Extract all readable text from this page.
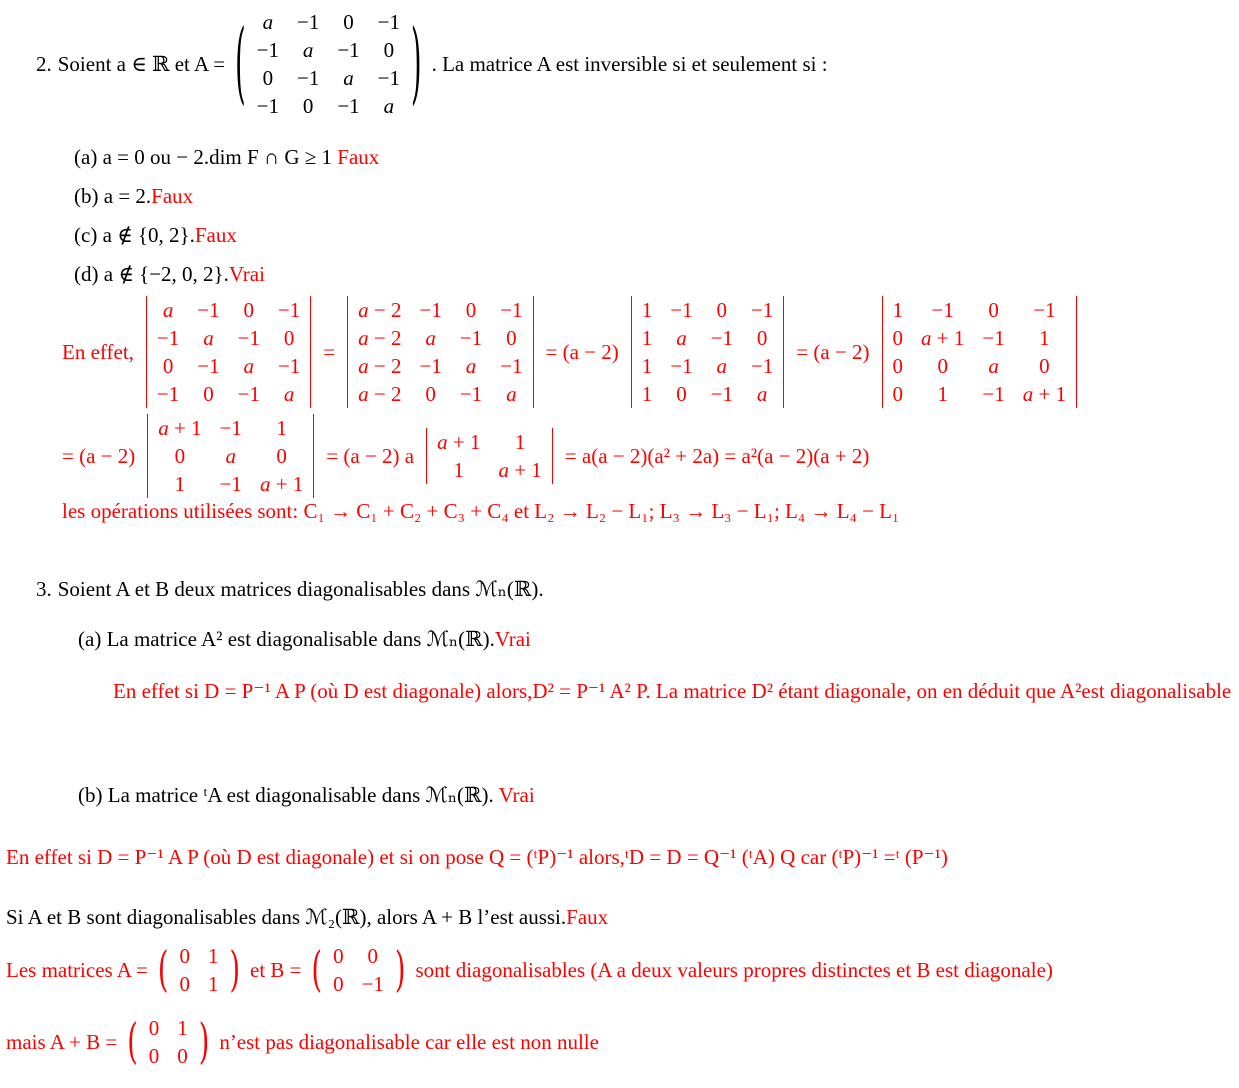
2. Soient a ∈ ℝ et A =
( a −1 0 −1
−1 a −1 0
0 −1 a −1
−1 0 −1 a
)
. La matrice A est inversible si et seulement si :
(a) a = 0 ou − 2.dim F ∩ G ≥ 1 Faux
(b) a = 2.Faux
(c) a ∉ {0, 2}.Faux
(d) a ∉ {−2, 0, 2}.Vrai
En effet,
a −1 0 −1
−1 a −1 0
0 −1 a −1
−1 0 −1 a
=
a − 2 −1 0 −1
a − 2 a −1 0
a − 2 −1 a −1
a − 2 0 −1 a
= (a − 2)
1 −1 0 −1
1 a −1 0
1 −1 a −1
1 0 −1 a
= (a − 2)
1 −1 0 −1
0 a + 1 −1 1
0 0 a 0
0 1 −1 a + 1
= (a − 2)
a + 1 −1 1
0 a 0
1 −1 a + 1
= (a − 2) a
a + 1 1
1 a + 1
= a(a − 2)(a² + 2a) = a²(a − 2)(a + 2)
les opérations utilisées sont: C₁ → C₁ + C₂ + C₃ + C₄ et L₂ → L₂ − L₁; L₃ → L₃ − L₁; L₄ → L₄ − L₁
3. Soient A et B deux matrices diagonalisables dans ℳₙ(ℝ).
(a) La matrice A² est diagonalisable dans ℳₙ(ℝ).Vrai
En effet si D = P⁻¹ A P (où D est diagonale) alors,D² = P⁻¹ A² P. La matrice D² étant diagonale, on en déduit que A²est diagonalisable
(b) La matrice ᵗA est diagonalisable dans ℳₙ(ℝ). Vrai
En effet si D = P⁻¹ A P (où D est diagonale) et si on pose Q = (ᵗP)⁻¹ alors,ᵗD = D = Q⁻¹ (ᵗA) Q car (ᵗP)⁻¹ =ᵗ (P⁻¹)
Si A et B sont diagonalisables dans ℳ₂(ℝ), alors A + B l’est aussi.Faux
Les matrices A =
( 0 1
0 1
)
et B =
( 0 0
0 −1
)
sont diagonalisables (A a deux valeurs propres distinctes et B est diagonale)
mais A + B =
( 0 1
0 0
)
n’est pas diagonalisable car elle est non nulle
